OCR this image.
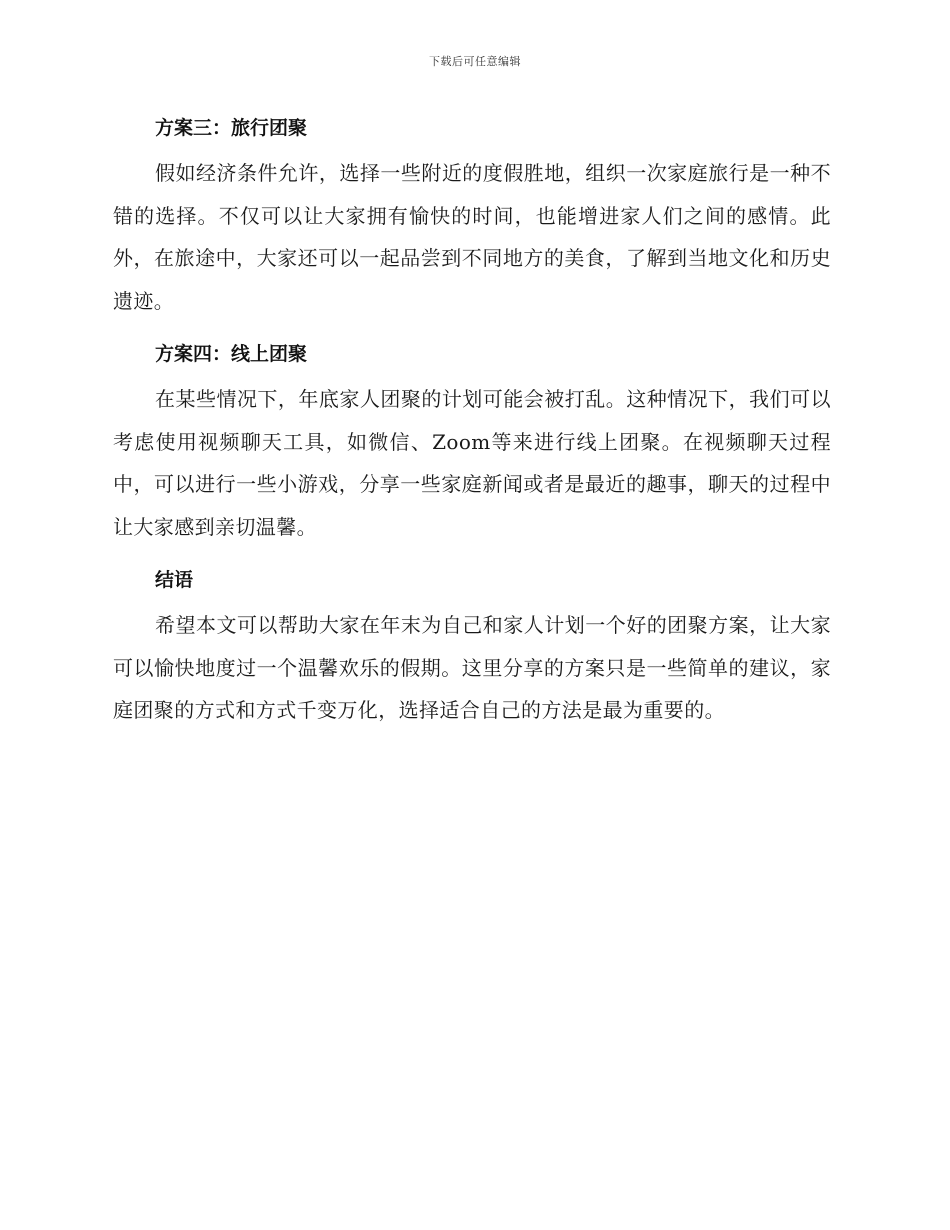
下载后可任意编辑
方案三：旅行团聚

假如经济条件允许，选择一些附近的度假胜地，组织一次家庭旅行是一种不错的选择。不仅可以让大家拥有愉快的时间，也能增进家人们之间的感情。此外，在旅途中，大家还可以一起品尝到不同地方的美食，了解到当地文化和历史遗迹。

方案四：线上团聚

在某些情况下，年底家人团聚的计划可能会被打乱。这种情况下，我们可以考虑使用视频聊天工具，如微信、Zoom等来进行线上团聚。在视频聊天过程中，可以进行一些小游戏，分享一些家庭新闻或者是最近的趣事，聊天的过程中让大家感到亲切温馨。

结语

希望本文可以帮助大家在年末为自己和家人计划一个好的团聚方案，让大家可以愉快地度过一个温馨欢乐的假期。这里分享的方案只是一些简单的建议，家庭团聚的方式和方式千变万化，选择适合自己的方法是最为重要的。
